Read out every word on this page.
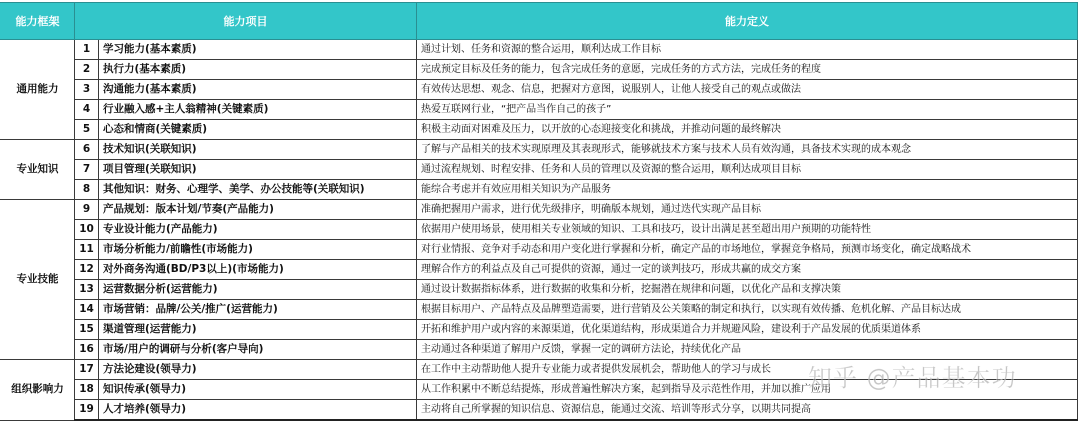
能力框架	能力项目		能力定义
通用能力	1	学习能力(基本素质)	通过计划、任务和资源的整合运用，顺利达成工作目标
	2	执行力(基本素质)	完成预定目标及任务的能力，包含完成任务的意愿，完成任务的方式方法，完成任务的程度
	3	沟通能力(基本素质)	有效传达思想、观念、信息，把握对方意图，说服别人，让他人接受自己的观点或做法
	4	行业融入感+主人翁精神(关键素质)	热爱互联网行业，“把产品当作自己的孩子”
	5	心态和情商(关键素质)	积极主动面对困难及压力，以开放的心态迎接变化和挑战，并推动问题的最终解决
专业知识	6	技术知识(关联知识)	了解与产品相关的技术实现原理及其表现形式，能够就技术方案与技术人员有效沟通，具备技术实现的成本观念
	7	项目管理(关联知识)	通过流程规划、时程安排、任务和人员的管理以及资源的整合运用，顺利达成项目目标
	8	其他知识：财务、心理学、美学、办公技能等(关联知识)	能综合考虑并有效应用相关知识为产品服务
专业技能	9	产品规划：版本计划/节奏(产品能力)	准确把握用户需求，进行优先级排序，明确版本规划，通过迭代实现产品目标
	10	专业设计能力(产品能力)	依据用户使用场景，使用相关专业领域的知识、工具和技巧，设计出满足甚至超出用户预期的功能特性
	11	市场分析能力/前瞻性(市场能力)	对行业情报、竞争对手动态和用户变化进行掌握和分析，确定产品的市场地位，掌握竞争格局，预测市场变化，确定战略战术
	12	对外商务沟通(BD/P3以上)(市场能力)	理解合作方的利益点及自己可提供的资源，通过一定的谈判技巧，形成共赢的成交方案
	13	运营数据分析(运营能力)	通过设计数据指标体系，进行数据的收集和分析，挖掘潜在规律和问题，以优化产品和支撑决策
	14	市场营销：品牌/公关/推广(运营能力)	根据目标用户、产品特点及品牌塑造需要，进行营销及公关策略的制定和执行，以实现有效传播、危机化解、产品目标达成
	15	渠道管理(运营能力)	开拓和维护用户或内容的来源渠道，优化渠道结构，形成渠道合力并规避风险，建设利于产品发展的优质渠道体系
	16	市场/用户的调研与分析(客户导向)	主动通过各种渠道了解用户反馈，掌握一定的调研方法论，持续优化产品
组织影响力	17	方法论建设(领导力)	在工作中主动帮助他人提升专业能力或者提供发展机会，帮助他人的学习与成长
	18	知识传承(领导力)	从工作积累中不断总结提炼，形成普遍性解决方案，起到指导及示范性作用，并加以推广应用
	19	人才培养(领导力)	主动将自己所掌握的知识信息、资源信息，能通过交流、培训等形式分享，以期共同提高
知乎 @产品基本功
